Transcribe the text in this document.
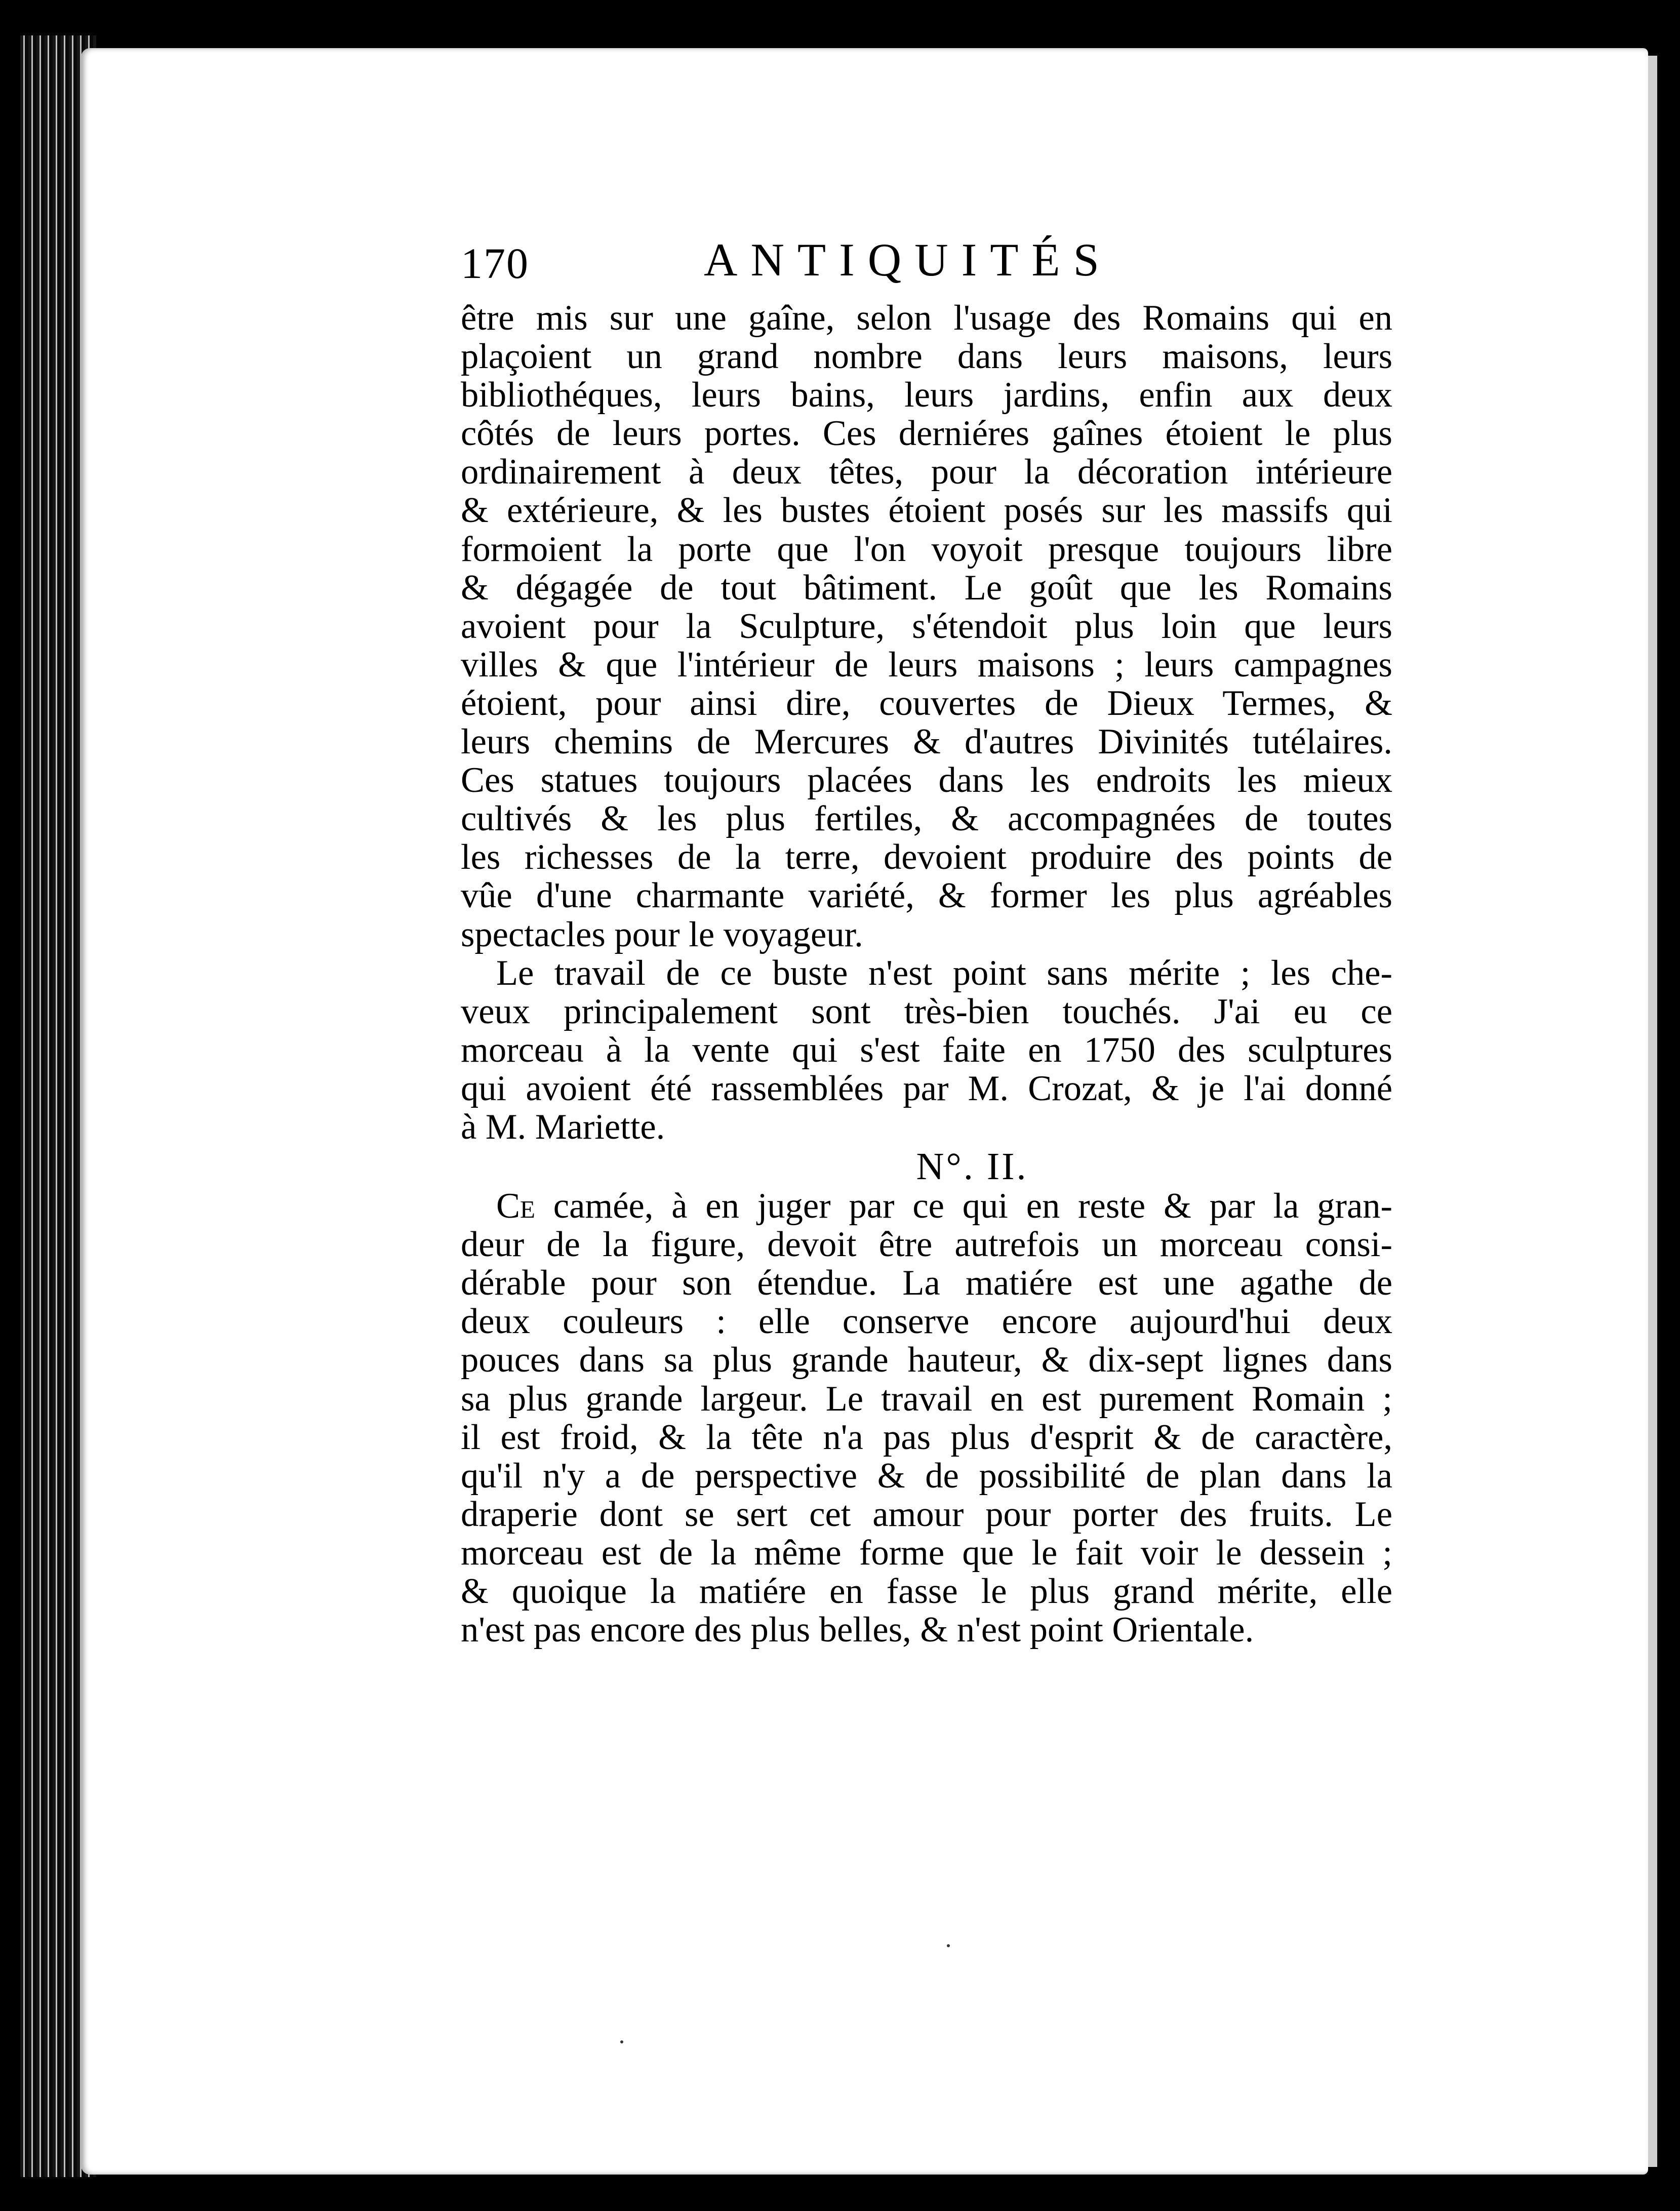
170	ANTIQUITÉS
être mis sur une gaîne, selon l'usage des Romains qui en
plaçoient un grand nombre dans leurs maisons, leurs
bibliothéques, leurs bains, leurs jardins, enfin aux deux
côtés de leurs portes. Ces derniéres gaînes étoient le plus
ordinairement à deux têtes, pour la décoration intérieure
& extérieure, & les bustes étoient posés sur les massifs qui
formoient la porte que l'on voyoit presque toujours libre
& dégagée de tout bâtiment. Le goût que les Romains
avoient pour la Sculpture, s'étendoit plus loin que leurs
villes & que l'intérieur de leurs maisons ; leurs campagnes
étoient, pour ainsi dire, couvertes de Dieux Termes, &
leurs chemins de Mercures & d'autres Divinités tutélaires.
Ces statues toujours placées dans les endroits les mieux
cultivés & les plus fertiles, & accompagnées de toutes
les richesses de la terre, devoient produire des points de
vûe d'une charmante variété, & former les plus agréables
spectacles pour le voyageur.
Le travail de ce buste n'est point sans mérite ; les che-
veux principalement sont très-bien touchés. J'ai eu ce
morceau à la vente qui s'est faite en 1750 des sculptures
qui avoient été rassemblées par M. Crozat, & je l'ai donné
à M. Mariette.
N°. II.
Ce camée, à en juger par ce qui en reste & par la gran-
deur de la figure, devoit être autrefois un morceau consi-
dérable pour son étendue. La matiére est une agathe de
deux couleurs : elle conserve encore aujourd'hui deux
pouces dans sa plus grande hauteur, & dix-sept lignes dans
sa plus grande largeur. Le travail en est purement Romain ;
il est froid, & la tête n'a pas plus d'esprit & de caractère,
qu'il n'y a de perspective & de possibilité de plan dans la
draperie dont se sert cet amour pour porter des fruits. Le
morceau est de la même forme que le fait voir le dessein ;
& quoique la matiére en fasse le plus grand mérite, elle
n'est pas encore des plus belles, & n'est point Orientale.
